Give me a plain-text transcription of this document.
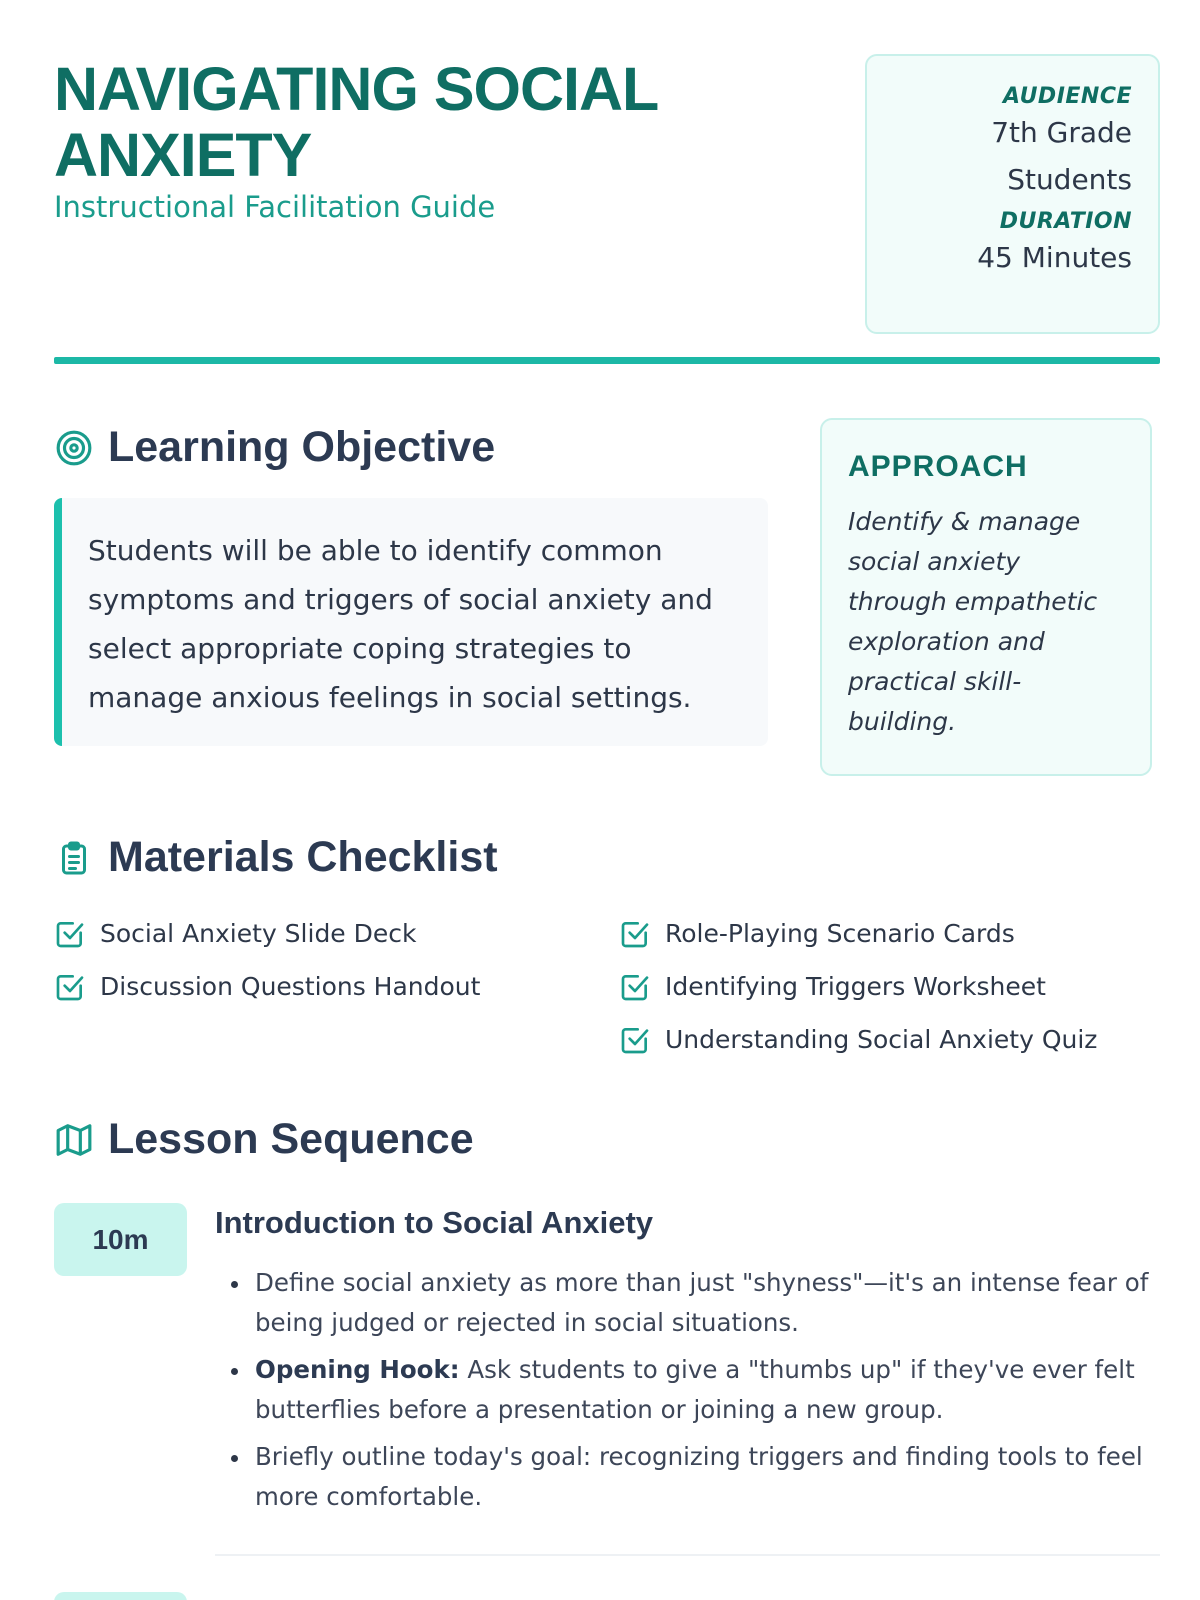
NAVIGATING SOCIAL ANXIETY
Instructional Facilitation Guide
AUDIENCE
7th Grade
Students
DURATION
45 Minutes
Learning Objective
Students will be able to identify common symptoms and triggers of social anxiety and select appropriate coping strategies to manage anxious feelings in social settings.
APPROACH
Identify & manage social anxiety through empathetic exploration and practical skill-building.
Materials Checklist
Social Anxiety Slide Deck
Discussion Questions Handout
Role-Playing Scenario Cards
Identifying Triggers Worksheet
Understanding Social Anxiety Quiz
Lesson Sequence
10m	Introduction to Social Anxiety
Define social anxiety as more than just "shyness"—it's an intense fear of being judged or rejected in social situations.
Opening Hook: Ask students to give a "thumbs up" if they've ever felt butterflies before a presentation or joining a new group.
Briefly outline today's goal: recognizing triggers and finding tools to feel more comfortable.
